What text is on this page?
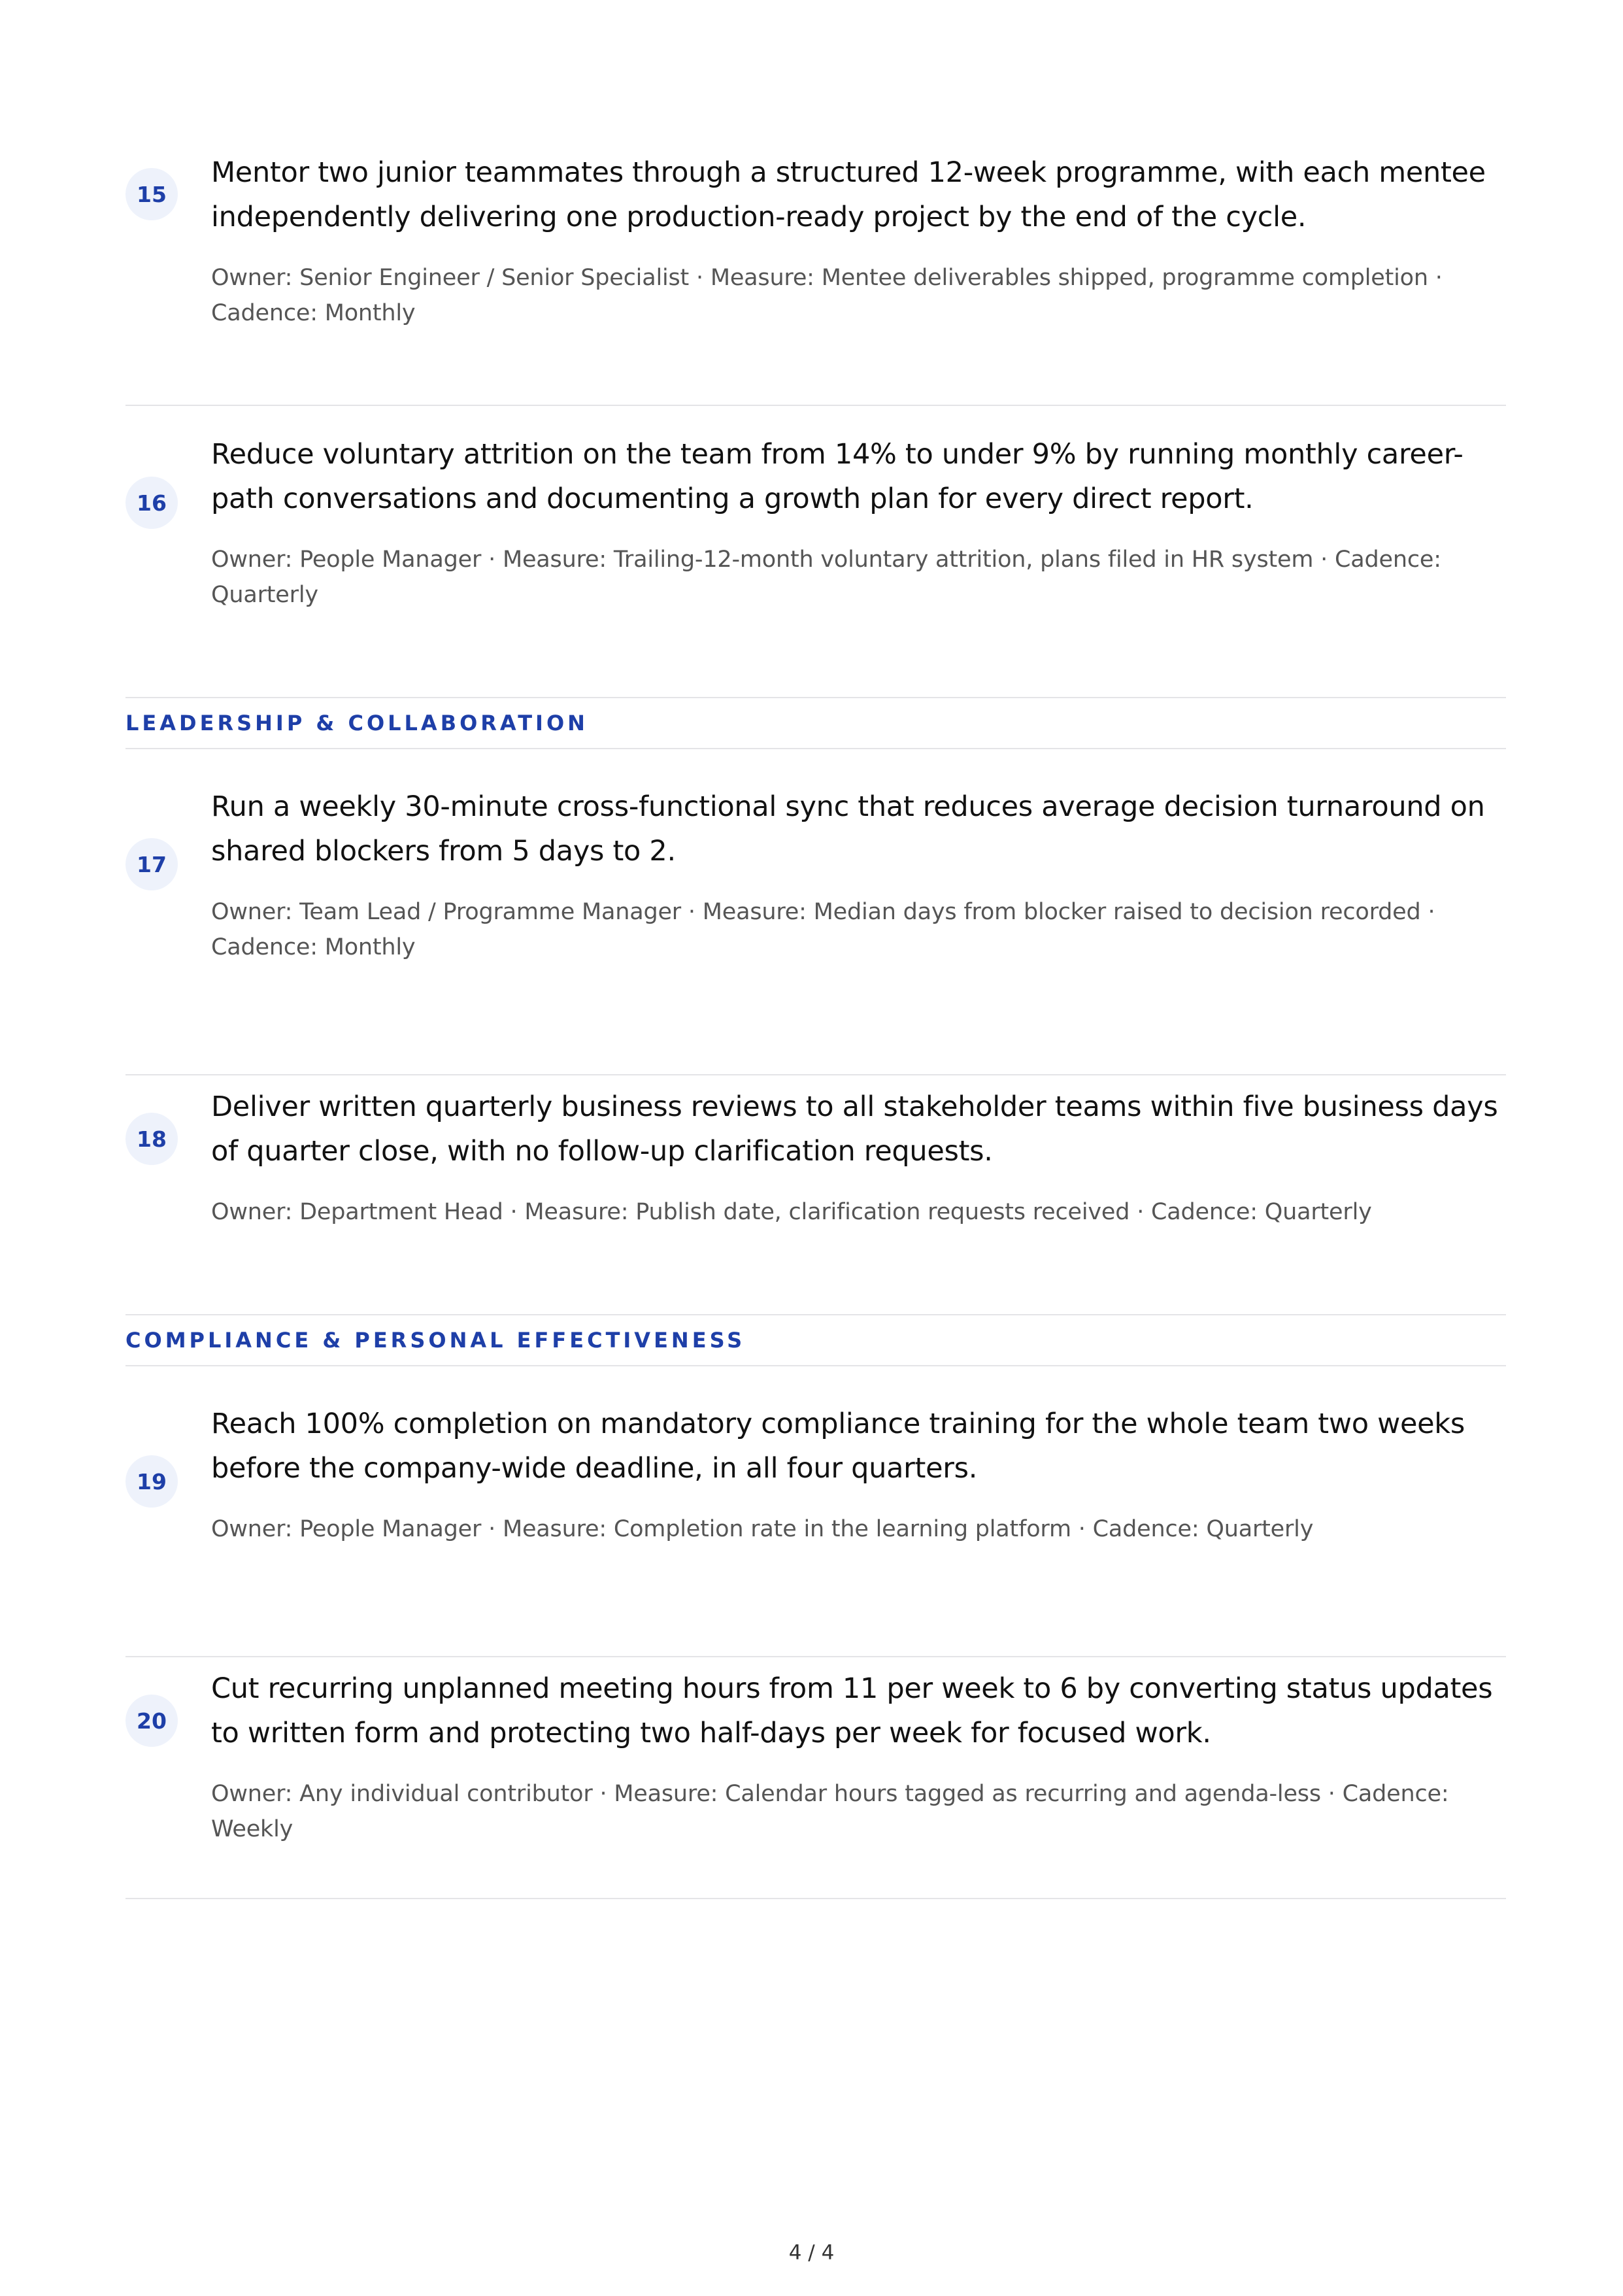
15

Mentor two junior teammates through a structured 12-week programme, with each mentee independently delivering one production-ready project by the end of the cycle.

Owner: Senior Engineer / Senior Specialist · Measure: Mentee deliverables shipped, programme completion · Cadence: Monthly

16

Reduce voluntary attrition on the team from 14% to under 9% by running monthly career-path conversations and documenting a growth plan for every direct report.

Owner: People Manager · Measure: Trailing-12-month voluntary attrition, plans filed in HR system · Cadence: Quarterly

LEADERSHIP & COLLABORATION
17

Run a weekly 30-minute cross-functional sync that reduces average decision turnaround on shared blockers from 5 days to 2.

Owner: Team Lead / Programme Manager · Measure: Median days from blocker raised to decision recorded · Cadence: Monthly

18

Deliver written quarterly business reviews to all stakeholder teams within five business days of quarter close, with no follow-up clarification requests.

Owner: Department Head · Measure: Publish date, clarification requests received · Cadence: Quarterly

COMPLIANCE & PERSONAL EFFECTIVENESS
19

Reach 100% completion on mandatory compliance training for the whole team two weeks before the company-wide deadline, in all four quarters.

Owner: People Manager · Measure: Completion rate in the learning platform · Cadence: Quarterly

20

Cut recurring unplanned meeting hours from 11 per week to 6 by converting status updates to written form and protecting two half-days per week for focused work.

Owner: Any individual contributor · Measure: Calendar hours tagged as recurring and agenda-less · Cadence: Weekly

4 / 4
